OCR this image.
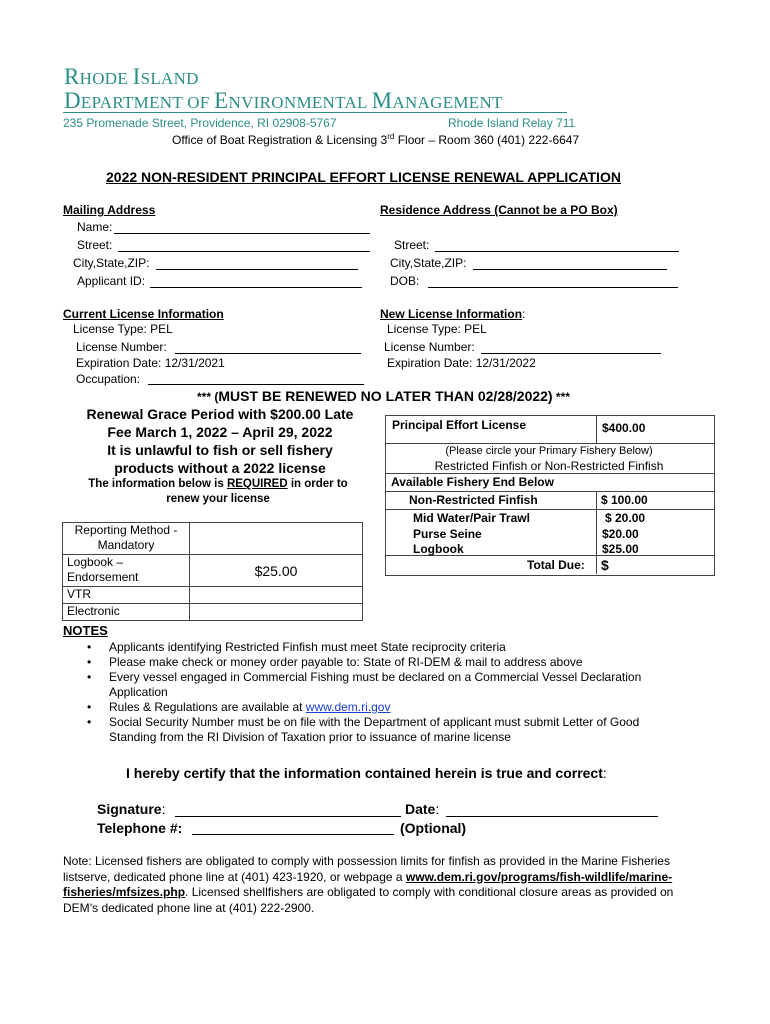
RHODE ISLAND
DEPARTMENT OF ENVIRONMENTAL MANAGEMENT
235 Promenade Street, Providence, RI 02908-5767	Rhode Island Relay 711
Office of Boat Registration & Licensing 3rd Floor – Room 360 (401) 222-6647
2022 NON-RESIDENT PRINCIPAL EFFORT LICENSE RENEWAL APPLICATION
Mailing Address
Name:
Street:
City,State,ZIP:
Applicant ID:
Residence Address (Cannot be a PO Box)
Street:
City,State,ZIP:
DOB:
Current License Information
License Type: PEL
License Number:
Expiration Date: 12/31/2021
Occupation:
New License Information:
License Type: PEL
License Number:
Expiration Date: 12/31/2022
*** (MUST BE RENEWED NO LATER THAN 02/28/2022) ***
Renewal Grace Period with $200.00 Late
Fee March 1, 2022 – April 29, 2022
It is unlawful to fish or sell fishery
products without a 2022 license
The information below is REQUIRED in order to
renew your license
Reporting Method -
Mandatory	
Logbook –
Endorsement	$25.00
VTR	
Electronic	
Principal Effort License	$400.00
(Please circle your Primary Fishery Below)
Restricted Finfish or Non-Restricted Finfish
Available Fishery End Below
Non-Restricted Finfish	$ 100.00
Mid Water/Pair Trawl	$ 20.00
Purse Seine	$20.00
Logbook	$25.00
Total Due: $
NOTES
• Applicants identifying Restricted Finfish must meet State reciprocity criteria
• Please make check or money order payable to: State of RI-DEM & mail to address above
• Every vessel engaged in Commercial Fishing must be declared on a Commercial Vessel Declaration
Application
• Rules & Regulations are available at www.dem.ri.gov
• Social Security Number must be on file with the Department of applicant must submit Letter of Good
Standing from the RI Division of Taxation prior to issuance of marine license
I hereby certify that the information contained herein is true and correct:
Signature:	Date:
Telephone #:	(Optional)
Note: Licensed fishers are obligated to comply with possession limits for finfish as provided in the Marine Fisheries
listserve, dedicated phone line at (401) 423-1920, or webpage a www.dem.ri.gov/programs/fish-wildlife/marine-
fisheries/mfsizes.php. Licensed shellfishers are obligated to comply with conditional closure areas as provided on
DEM’s dedicated phone line at (401) 222-2900.
